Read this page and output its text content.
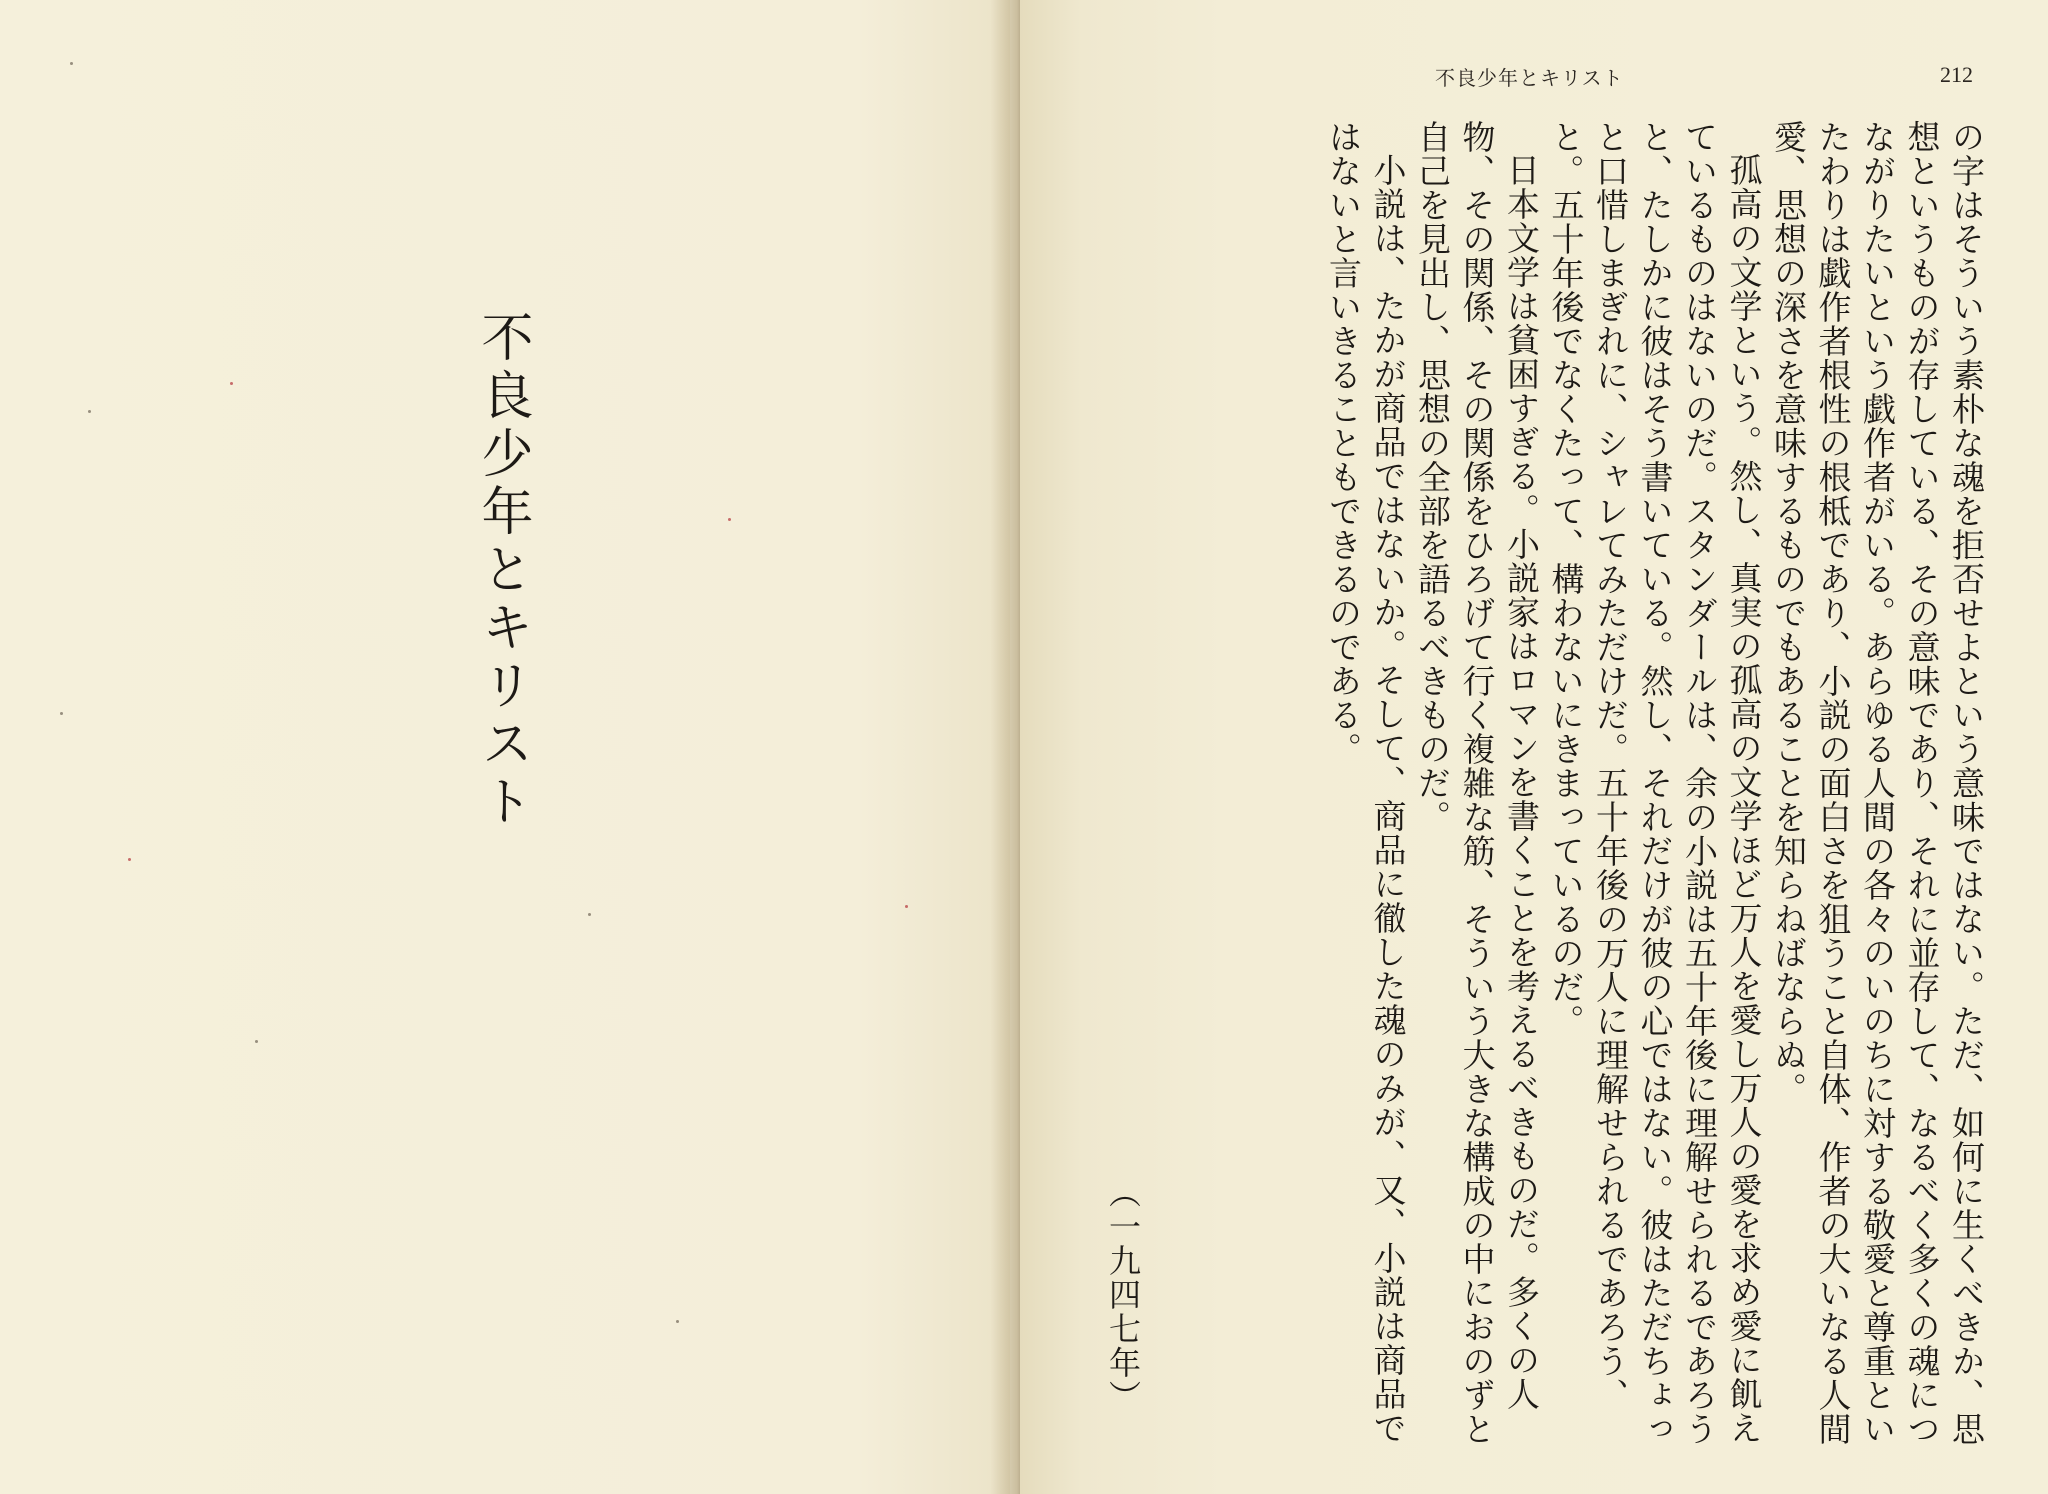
不良少年とキリスト
不良少年とキリスト	212

の字はそういう素朴な魂を拒否せよという意味ではない。ただ、如何に生くべきか、思想というものが存している、その意味であり、それに並存して、なるべく多くの魂につながりたいという戯作者がいる。あらゆる人間の各々のいのちに対する敬愛と尊重といたわりは戯作者根性の根柢であり、小説の面白さを狙うこと自体、作者の大いなる人間愛、思想の深さを意味するものでもあることを知らねばならぬ。

孤高の文学という。然し、真実の孤高の文学ほど万人を愛し万人の愛を求め愛に飢えているものはないのだ。スタンダールは、余の小説は五十年後に理解せられるであろうと、たしかに彼はそう書いている。然し、それだけが彼の心ではない。彼はただちょっと口惜しまぎれに、シャレてみただけだ。五十年後の万人に理解せられるであろう、と。五十年後でなくたって、構わないにきまっているのだ。

日本文学は貧困すぎる。小説家はロマンを書くことを考えるべきものだ。多くの人物、その関係、その関係をひろげて行く複雑な筋、そういう大きな構成の中におのずと自己を見出し、思想の全部を語るべきものだ。

小説は、たかが商品ではないか。そして、商品に徹した魂のみが、又、小説は商品ではないと言いきることもできるのである。

（一九四七年）
